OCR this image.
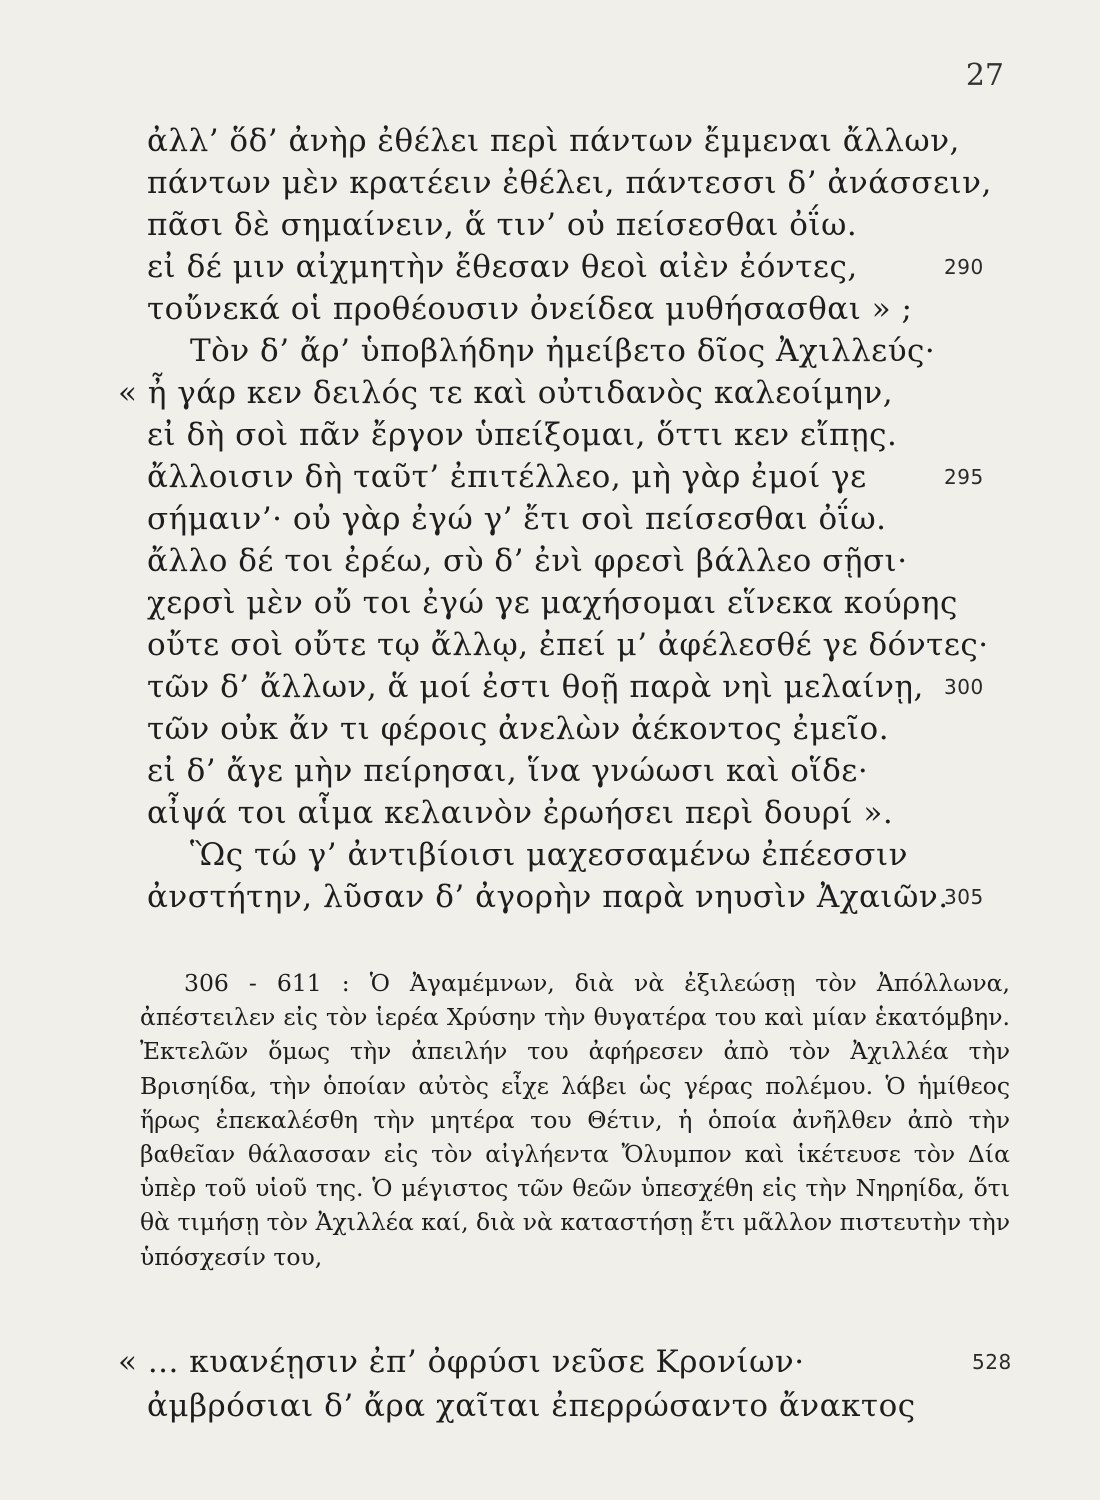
27
ἀλλ’ ὅδ’ ἀνὴρ ἐθέλει περὶ πάντων ἔμμεναι ἄλλων,
πάντων μὲν κρατέειν ἐθέλει, πάντεσσι δ’ ἀνάσσειν,
πᾶσι δὲ σημαίνειν, ἅ τιν’ οὐ πείσεσθαι ὀΐω.
εἰ δέ μιν αἰχμητὴν ἔθεσαν θεοὶ αἰὲν ἐόντες,	290
τοὔνεκά οἱ προθέουσιν ὀνείδεα μυθήσασθαι » ;
Τὸν δ’ ἄρ’ ὑποβλήδην ἠμείβετο δῖος Ἀχιλλεύς·
« ἦ γάρ κεν δειλός τε καὶ οὐτιδανὸς καλεοίμην,
εἰ δὴ σοὶ πᾶν ἔργον ὑπείξομαι, ὅττι κεν εἴπῃς.
ἄλλοισιν δὴ ταῦτ’ ἐπιτέλλεο, μὴ γὰρ ἐμοί γε	295
σήμαιν’· οὐ γὰρ ἐγώ γ’ ἔτι σοὶ πείσεσθαι ὀΐω.
ἄλλο δέ τοι ἐρέω, σὺ δ’ ἐνὶ φρεσὶ βάλλεο σῇσι·
χερσὶ μὲν οὔ τοι ἐγώ γε μαχήσομαι εἵνεκα κούρης
οὔτε σοὶ οὔτε τῳ ἄλλῳ, ἐπεί μ’ ἀφέλεσθέ γε δόντες·
τῶν δ’ ἄλλων, ἅ μοί ἐστι θοῇ παρὰ νηὶ μελαίνῃ, 300
τῶν οὐκ ἄν τι φέροις ἀνελὼν ἀέκοντος ἐμεῖο.
εἰ δ’ ἄγε μὴν πείρησαι, ἵνα γνώωσι καὶ οἵδε·
αἶψά τοι αἷμα κελαινὸν ἐρωήσει περὶ δουρί ».
Ὣς τώ γ’ ἀντιβίοισι μαχεσσαμένω ἐπέεσσιν
ἀνστήτην, λῦσαν δ’ ἀγορὴν παρὰ νηυσὶν Ἀχαιῶν.
305

306 - 611 : Ὁ Ἀγαμέμνων, διὰ νὰ ἐξιλεώσῃ τὸν Ἀπόλλωνα, ἀπέστειλεν εἰς τὸν ἱερέα Χρύσην τὴν θυγατέρα του καὶ μίαν ἑκατόμβην. Ἐκτελῶν ὅμως τὴν ἀπειλήν του ἀφήρεσεν ἀπὸ τὸν Ἀχιλλέα τὴν Βρισηίδα, τὴν ὁποίαν αὐτὸς εἶχε λάβει ὡς γέρας πολέμου. Ὁ ἡμίθεος ἥρως ἐπεκαλέσθη τὴν μητέρα του Θέτιν, ἡ ὁποία ἀνῆλθεν ἀπὸ τὴν βαθεῖαν θάλασσαν εἰς τὸν αἰγλήεντα Ὄλυμπον καὶ ἱκέτευσε τὸν Δία ὑπὲρ τοῦ υἱοῦ της. Ὁ μέγιστος τῶν θεῶν ὑπεσχέθη εἰς τὴν Νηρηίδα, ὅτι θὰ τιμήσῃ τὸν Ἀχιλλέα καί, διὰ νὰ καταστήσῃ ἔτι μᾶλλον πιστευτὴν τὴν ὑπόσχεσίν του,

« ... κυανέῃσιν ἐπ’ ὀφρύσι νεῦσε Κρονίων·	528
ἀμβρόσιαι δ’ ἄρα χαῖται ἐπερρώσαντο ἄνακτος
